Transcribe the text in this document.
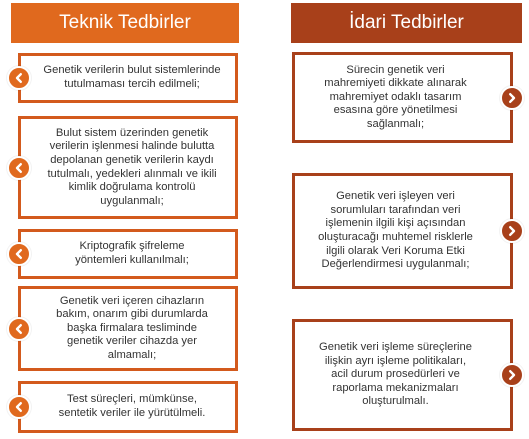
Teknik Tedbirler	İdari Tedbirler
Genetik verilerin bulut sistemlerinde
tutulmaması tercih edilmeli;
Bulut sistem üzerinden genetik
verilerin işlenmesi halinde bulutta
depolanan genetik verilerin kaydı
tutulmalı, yedekleri alınmalı ve ikili
kimlik doğrulama kontrolü
uygulanmalı;
Kriptografik şifreleme
yöntemleri kullanılmalı;
Genetik veri içeren cihazların
bakım, onarım gibi durumlarda
başka firmalara tesliminde
genetik veriler cihazda yer
almamalı;
Test süreçleri, mümkünse,
sentetik veriler ile yürütülmeli.
Sürecin genetik veri
mahremiyeti dikkate alınarak
mahremiyet odaklı tasarım
esasına göre yönetilmesi
sağlanmalı;
Genetik veri işleyen veri
sorumluları tarafından veri
işlemenin ilgili kişi açısından
oluşturacağı muhtemel risklerle
ilgili olarak Veri Koruma Etki
Değerlendirmesi uygulanmalı;
Genetik veri işleme süreçlerine
ilişkin ayrı işleme politikaları,
acil durum prosedürleri ve
raporlama mekanizmaları
oluşturulmalı.
